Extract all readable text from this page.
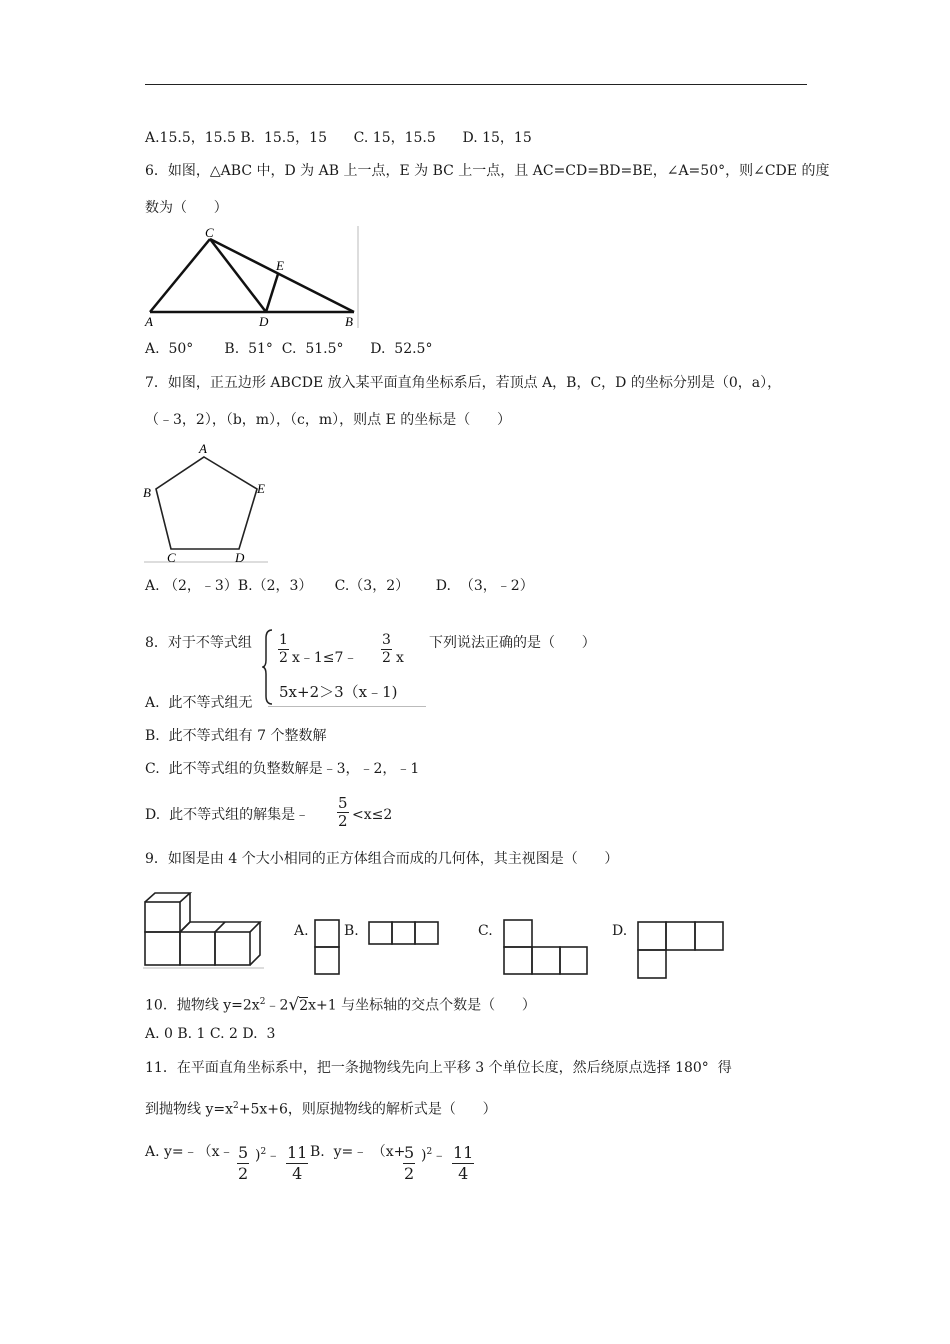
A.15.5，15.5 B.  15.5，15      C. 15，15.5      D. 15，15
6．如图，△ABC 中，D 为 AB 上一点，E 为 BC 上一点，且 AC=CD=BD=BE，∠A=50°，则∠CDE 的度
数为（      ）
A
C
E
D	B
A.  50°       B.  51°  C.  51.5°      D.  52.5°
7．如图，正五边形 ABCDE 放入某平面直角坐标系后，若顶点 A，B，C，D 的坐标分别是（0，a），
（﹣3，2），（b，m），（c，m），则点 E 的坐标是（      ）
A
B	E
C	D
A. （2，﹣3）B.（2，3）     C.（3，2）      D.  （3，﹣2）
8．对于不等式组 $\frac{1}{2}$ x﹣1≤7﹣ $\frac{3}{2}$ x
5x+2＞3（x﹣1)
下列说法正确的是（      ）
A.  此不等式组无
B.  此不等式组有 7 个整数解
C.  此不等式组的负整数解是﹣3，﹣2，﹣1
D.  此不等式组的解集是﹣ $\frac{5}{2} <x\le 2$
9．如图是由 4 个大小相同的正方体组合而成的几何体，其主视图是（      ）
A.	B.	C.	D.
10．抛物线 $y=2x^2﹣2√2x+1$ 与坐标轴的交点个数是（      ）
A. 0 B. 1 C. 2 D.  3
11．在平面直角坐标系中，把一条抛物线先向上平移 3 个单位长度，然后绕原点选择 180°  得
到抛物线 $y=x^2+5x+6$，则原抛物线的解析式是（      ）
A. y=﹣（x﹣ $\frac{5}{2}$ )$^2$﹣ $\frac{11}{4} B$.  y=﹣ （x+
$\frac{5}{2}$ )$^2$﹣ $\frac{11}{4}$
